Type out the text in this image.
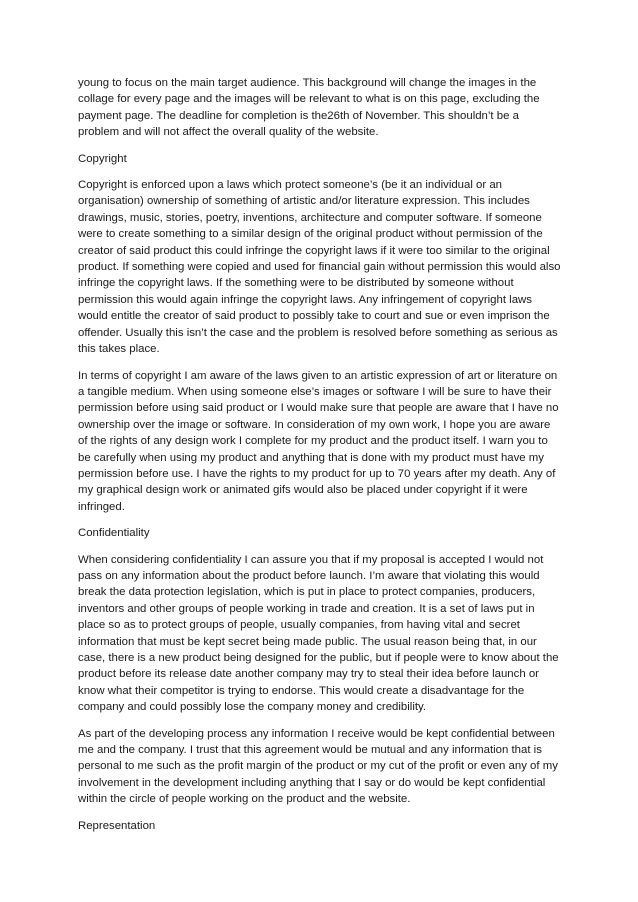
young to focus on the main target audience. This background will change the images in the collage for every page and the images will be relevant to what is on this page, excluding the payment page. The deadline for completion is the26th of November. This shouldn’t be a problem and will not affect the overall quality of the website.

Copyright

Copyright is enforced upon a laws which protect someone’s (be it an individual or an organisation) ownership of something of artistic and/or literature expression. This includes drawings, music, stories, poetry, inventions, architecture and computer software. If someone were to create something to a similar design of the original product without permission of the creator of said product this could infringe the copyright laws if it were too similar to the original product. If something were copied and used for financial gain without permission this would also infringe the copyright laws. If the something were to be distributed by someone without permission this would again infringe the copyright laws. Any infringement of copyright laws would entitle the creator of said product to possibly take to court and sue or even imprison the offender. Usually this isn’t the case and the problem is resolved before something as serious as this takes place.

In terms of copyright I am aware of the laws given to an artistic expression of art or literature on a tangible medium. When using someone else’s images or software I will be sure to have their permission before using said product or I would make sure that people are aware that I have no ownership over the image or software. In consideration of my own work, I hope you are aware of the rights of any design work I complete for my product and the product itself. I warn you to be carefully when using my product and anything that is done with my product must have my permission before use. I have the rights to my product for up to 70 years after my death. Any of my graphical design work or animated gifs would also be placed under copyright if it were infringed.

Confidentiality

When considering confidentiality I can assure you that if my proposal is accepted I would not pass on any information about the product before launch. I’m aware that violating this would break the data protection legislation, which is put in place to protect companies, producers, inventors and other groups of people working in trade and creation. It is a set of laws put in place so as to protect groups of people, usually companies, from having vital and secret information that must be kept secret being made public. The usual reason being that, in our case, there is a new product being designed for the public, but if people were to know about the product before its release date another company may try to steal their idea before launch or know what their competitor is trying to endorse. This would create a disadvantage for the company and could possibly lose the company money and credibility.

As part of the developing process any information I receive would be kept confidential between me and the company. I trust that this agreement would be mutual and any information that is personal to me such as the profit margin of the product or my cut of the profit or even any of my involvement in the development including anything that I say or do would be kept confidential within the circle of people working on the product and the website.

Representation
